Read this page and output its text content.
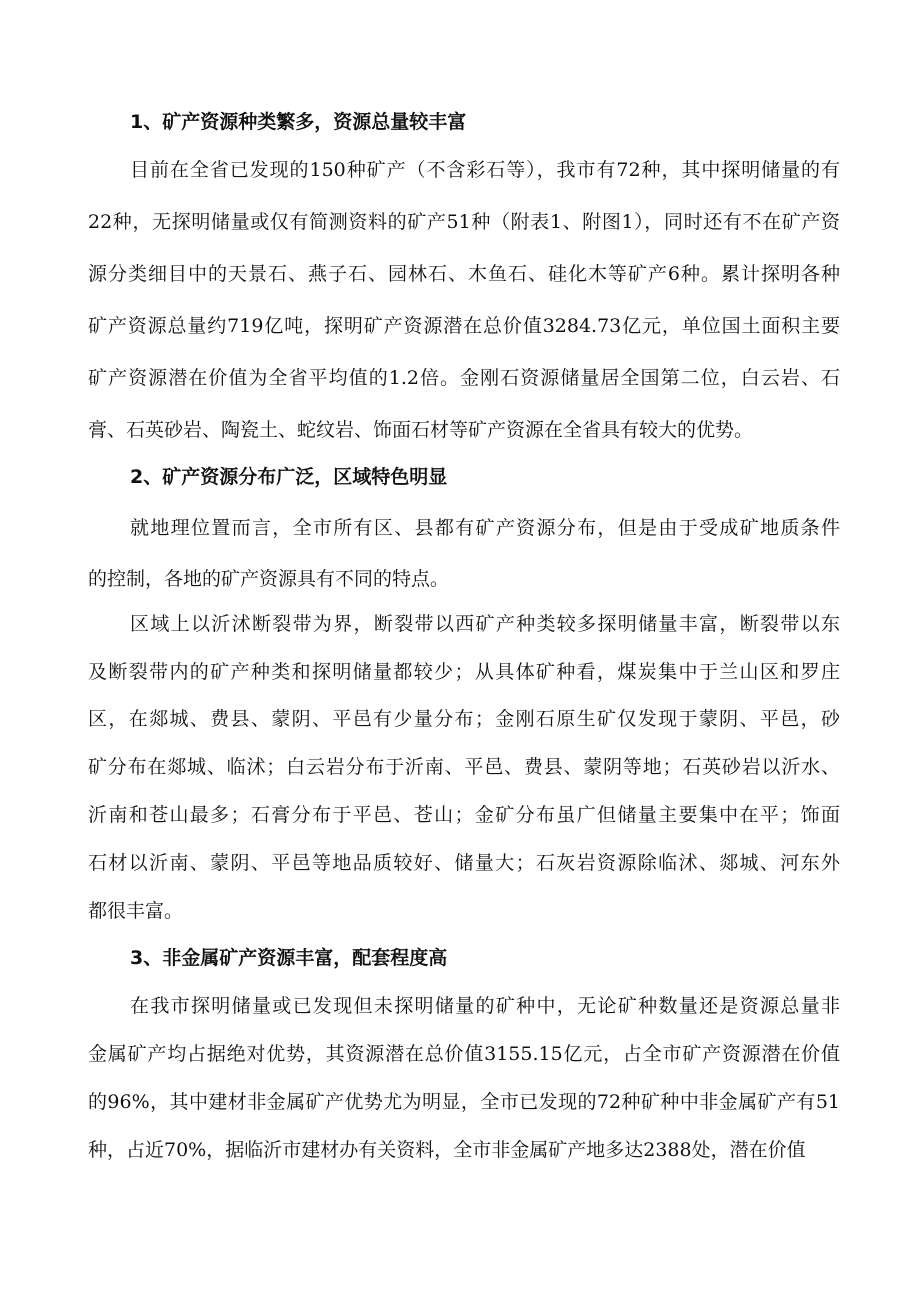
1、矿产资源种类繁多，资源总量较丰富
目前在全省已发现的150种矿产（不含彩石等），我市有72种，其中探明储量的有
22种，无探明储量或仅有简测资料的矿产51种（附表1、附图1），同时还有不在矿产资
源分类细目中的天景石、燕子石、园林石、木鱼石、硅化木等矿产6种。累计探明各种
矿产资源总量约719亿吨，探明矿产资源潜在总价值3284.73亿元，单位国土面积主要
矿产资源潜在价值为全省平均值的1.2倍。金刚石资源储量居全国第二位，白云岩、石
膏、石英砂岩、陶瓷土、蛇纹岩、饰面石材等矿产资源在全省具有较大的优势。
2、矿产资源分布广泛，区域特色明显
就地理位置而言，全市所有区、县都有矿产资源分布，但是由于受成矿地质条件
的控制，各地的矿产资源具有不同的特点。
区域上以沂沭断裂带为界，断裂带以西矿产种类较多探明储量丰富，断裂带以东
及断裂带内的矿产种类和探明储量都较少；从具体矿种看，煤炭集中于兰山区和罗庄
区，在郯城、费县、蒙阴、平邑有少量分布；金刚石原生矿仅发现于蒙阴、平邑，砂
矿分布在郯城、临沭；白云岩分布于沂南、平邑、费县、蒙阴等地；石英砂岩以沂水、
沂南和苍山最多；石膏分布于平邑、苍山；金矿分布虽广但储量主要集中在平；饰面
石材以沂南、蒙阴、平邑等地品质较好、储量大；石灰岩资源除临沭、郯城、河东外
都很丰富。
3、非金属矿产资源丰富，配套程度高
在我市探明储量或已发现但未探明储量的矿种中，无论矿种数量还是资源总量非
金属矿产均占据绝对优势，其资源潜在总价值3155.15亿元，占全市矿产资源潜在价值
的96%，其中建材非金属矿产优势尤为明显，全市已发现的72种矿种中非金属矿产有51
种，占近70%，据临沂市建材办有关资料，全市非金属矿产地多达2388处，潜在价值
